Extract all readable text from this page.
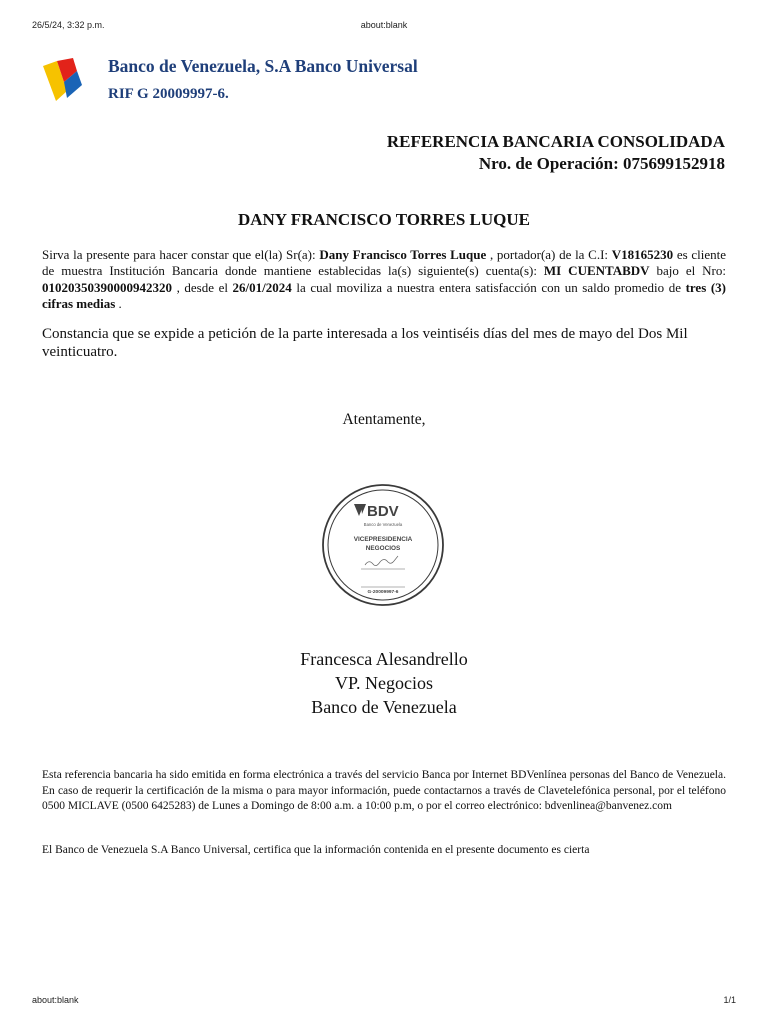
26/5/24, 3:32 p.m.	about:blank
Banco de Venezuela, S.A Banco Universal
RIF G 20009997-6.
REFERENCIA BANCARIA CONSOLIDADA
Nro. de Operación: 075699152918
DANY FRANCISCO TORRES LUQUE
Sirva la presente para hacer constar que el(la) Sr(a): Dany Francisco Torres Luque , portador(a) de la C.I: V18165230 es cliente de muestra Institución Bancaria donde mantiene establecidas la(s) siguiente(s) cuenta(s): MI CUENTABDV bajo el Nro: 01020350390000942320 , desde el 26/01/2024 la cual moviliza a nuestra entera satisfacción con un saldo promedio de tres (3) cifras medias .
Constancia que se expide a petición de la parte interesada a los veintiséis días del mes de mayo del Dos Mil veinticuatro.
Atentamente,
BDV
Banco de Venezuela
VICEPRESIDENCIA
NEGOCIOS
G-20009997-6
Francesca Alesandrello
VP. Negocios
Banco de Venezuela
Esta referencia bancaria ha sido emitida en forma electrónica a través del servicio Banca por Internet BDVenlínea personas del Banco de Venezuela. En caso de requerir la certificación de la misma o para mayor información, puede contactarnos a través de Clavetelefónica personal, por el teléfono 0500 MICLAVE (0500 6425283) de Lunes a Domingo de 8:00 a.m. a 10:00 p.m, o por el correo electrónico: bdvenlinea@banvenez.com
El Banco de Venezuela S.A Banco Universal, certifica que la información contenida en el presente documento es cierta
about:blank	1/1
